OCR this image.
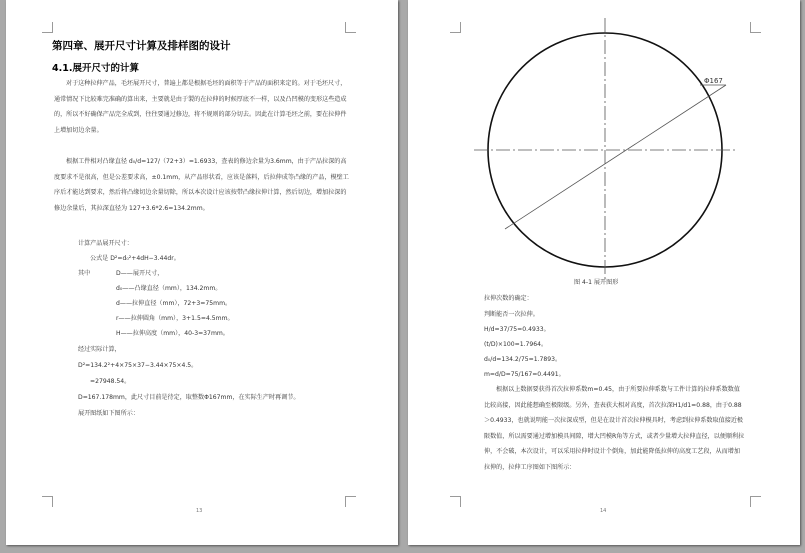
第四章、展开尺寸计算及排样图的设计
4.1.展开尺寸的计算
对于这种拉伸产品，毛坯展开尺寸，普遍上都是根据毛坯的面积等于产品的面积来定的。对于毛坯尺寸，通常情况下比较难完准确的算出来，主要就是由于製的在拉伸的时候厚底不一样，以及凸凹模的变形这些造成的，所以不好确保产品完全成到，往往要通过修边，将不规则的部分切去。因此在计算毛坯之前，要在拉伸件上增加切边余量。
根据工件相对凸缘直径 d₀/d=127/（72+3）=1.6933，查表的修边余量为3.6mm，由于产品拉深的高度要求不是很高，但是公差要求高，±0.1mm，从产品形状看，应该是落料，后拉伸成等凸缘的产品，模壁工序后才能达到要求，然后将凸缘切边余量切除，所以本次设计应该按带凸缘拉伸计算，然后切边，增加拉深的修边余量后，其拉深直径为 127+3.6*2.6=134.2mm。
计算产品展开尺寸：
公式是 D²=d₀²+4dH−3.44dr。
其中	D——展开尺寸，
d₀——凸缘直径（mm），134.2mm。
d——拉伸直径（mm），72+3=75mm。
r——拉伸圆角（mm），3+1.5=4.5mm。
H——拉伸高度（mm），40-3=37mm。
经过实际计算，
D²=134.2²+4×75×37−3.44×75×4.5。
=27948.54。
D=167.178mm，此尺寸目前是待定，取整数Φ167mm，在实际生产时再调节。
展开图纸如下图所示：
13
Φ167
图 4-1 展开图形
拉伸次数的确定：
判断能否一次拉伸。
H/d=37/75=0.4933。
(t/D)×100=1.7964。
d₀/d=134.2/75=1.7893。
m=d/D=75/167=0.4491。
根据以上数据要获得首次拉伸系数m=0.45，由于所要拉伸系数与工件计算的拉伸系数数值比较高接，因此能想确至极限级。另外，查表获大相对高度，首次拉深H1/d1=0.88，由于0.88＞0.4933，也就说明能一次拉深成型，但是在设计首次拉伸模具时，考虑到拉伸系数取值接近极限数值，所以需要通过增加模具间隙，增大凹模R角等方式，或者少量增大拉伸直径，以便顺利拉伸，不会破，本次设计，可以采用拉伸时设计个倒角，加此能降低拉伸的高度工艺段，从而增加拉伸的，拉伸工序图如下图所示：
14
